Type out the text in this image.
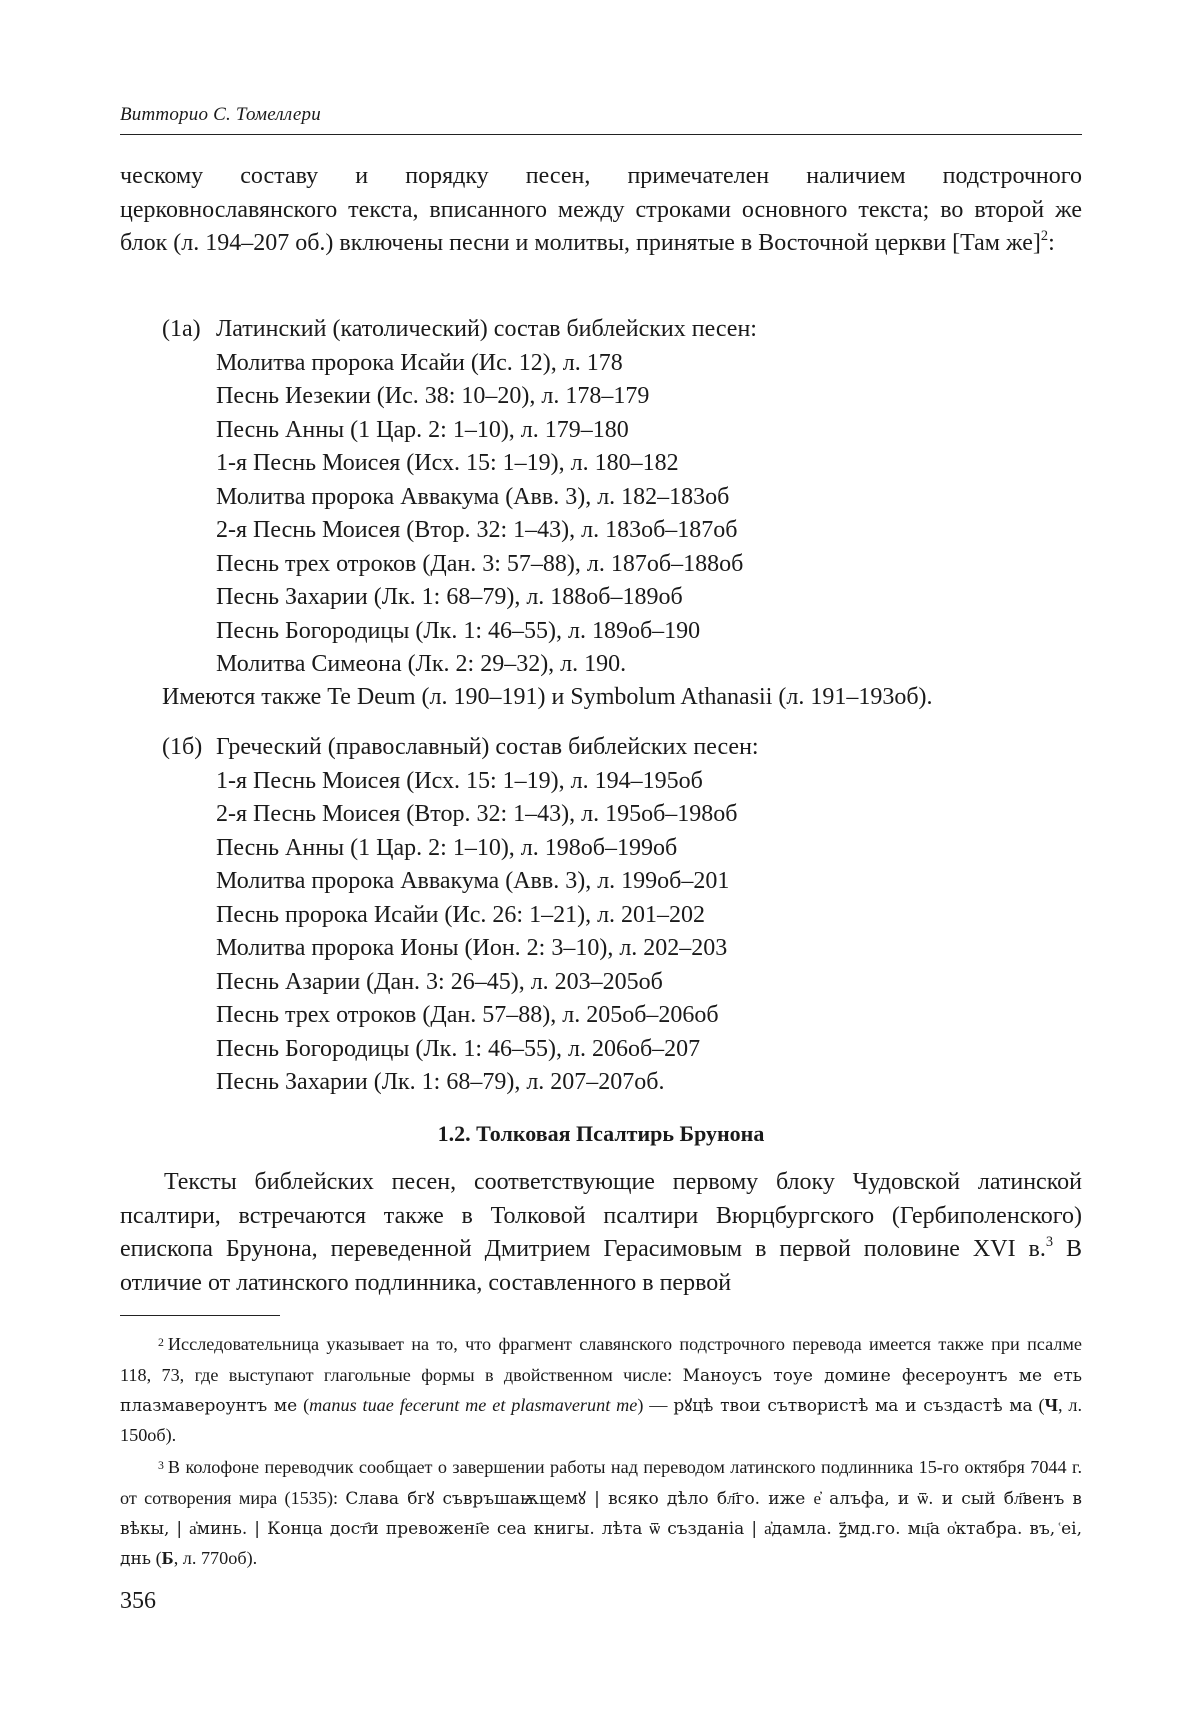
Витторио С. Томеллери

ческому составу и порядку песен, примечателен наличием подстрочного церковнославянского текста, вписанного между строками основного текста; во второй же блок (л. 194–207 об.) включены песни и молитвы, принятые в Восточной церкви [Там же]$^2$:

(1а) Латинский (католический) состав библейских песен:
Молитва пророка Исайи (Ис. 12), л. 178
Песнь Иезекии (Ис. 38: 10–20), л. 178–179
Песнь Анны (1 Цар. 2: 1–10), л. 179–180
1-я Песнь Моисея (Исх. 15: 1–19), л. 180–182
Молитва пророка Аввакума (Авв. 3), л. 182–183об
2-я Песнь Моисея (Втор. 32: 1–43), л. 183об–187об
Песнь трех отроков (Дан. 3: 57–88), л. 187об–188об
Песнь Захарии (Лк. 1: 68–79), л. 188об–189об
Песнь Богородицы (Лк. 1: 46–55), л. 189об–190
Молитва Симеона (Лк. 2: 29–32), л. 190.
Имеются также Te Deum (л. 190–191) и Symbolum Athanasii (л. 191–193об).
(1б) Греческий (православный) состав библейских песен:
1-я Песнь Моисея (Исх. 15: 1–19), л. 194–195об
2-я Песнь Моисея (Втор. 32: 1–43), л. 195об–198об
Песнь Анны (1 Цар. 2: 1–10), л. 198об–199об
Молитва пророка Аввакума (Авв. 3), л. 199об–201
Песнь пророка Исайи (Ис. 26: 1–21), л. 201–202
Молитва пророка Ионы (Ион. 2: 3–10), л. 202–203
Песнь Азарии (Дан. 3: 26–45), л. 203–205об
Песнь трех отроков (Дан. 57–88), л. 205об–206об
Песнь Богородицы (Лк. 1: 46–55), л. 206об–207
Песнь Захарии (Лк. 1: 68–79), л. 207–207об.
1.2. Толковая Псалтирь Брунона

Тексты библейских песен, соответствующие первому блоку Чудовской латинской псалтири, встречаются также в Толковой псалтири Вюрцбургского (Гербиполенского) епископа Брунона, переведенной Дмитрием Герасимовым в первой половине XVI в.$^3$ В отличие от латинского подлинника, составленного в первой

$^2$ Исследовательница указывает на то, что фрагмент славянского подстрочного перевода имеется также при псалме 118, 73, где выступают глагольные формы в двойственном числе: Маноусъ тоуе домине фесероунтъ ме еть плазмавероунтъ ме (manus tuae fecerunt me et plasmaverunt me) — рꙋцѣ твои сътвористѣ ма и създастѣ ма (Ч, л. 150об).

$^3$ В колофоне переводчик сообщает о завершении работы над переводом латинского подлинника 15-го октября 7044 г. от сотворения мира (1535): Слава бгꙋ съвръшаѭщемꙋ | всяко дѣло бл҃го. иже е҆ алъфа, и ѿ. и сый бл҃венъ в вѣкы, | а҆минь. | Конца дост҄и превожені҄е сеа книгы. лѣта ѿ създаніа | а҆дамла. ꙁ҃мд.го. мц҃а о҆ктабра. въ, ͑еі, днь (Б, л. 770об).

356
